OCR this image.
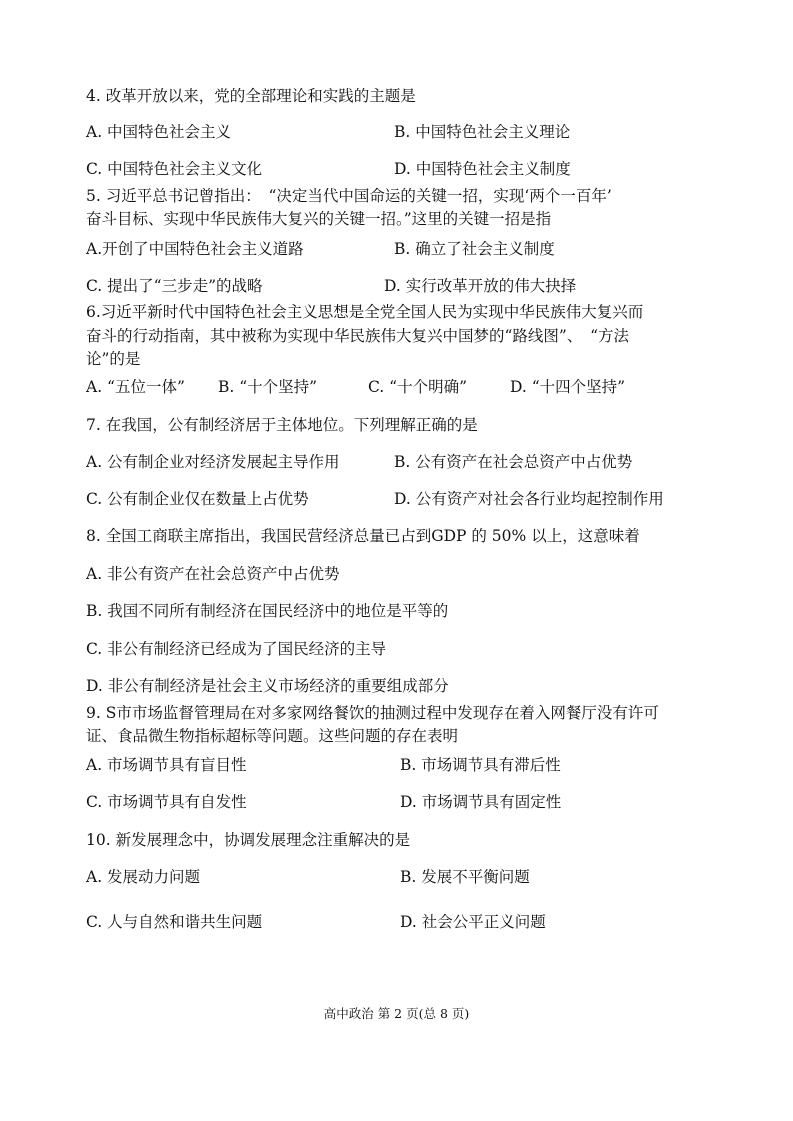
4. 改革开放以来，党的全部理论和实践的主题是
A. 中国特色社会主义	B. 中国特色社会主义理论
C. 中国特色社会主义文化	D. 中国特色社会主义制度
5. 习近平总书记曾指出：　“决定当代中国命运的关键一招，实现‘两个一百年’
奋斗目标、实现中华民族伟大复兴的关键一招。”这里的关键一招是指
A.开创了中国特色社会主义道路	B. 确立了社会主义制度
C. 提出了“三步走”的战略	D. 实行改革开放的伟大抉择
6.习近平新时代中国特色社会主义思想是全党全国人民为实现中华民族伟大复兴而
奋斗的行动指南，其中被称为实现中华民族伟大复兴中国梦的“路线图”、　“方法
论”的是
A. “五位一体” B. “十个坚持”	C. “十个明确”	D. “十四个坚持”
7. 在我国，公有制经济居于主体地位。下列理解正确的是
A. 公有制企业对经济发展起主导作用	B. 公有资产在社会总资产中占优势
C. 公有制企业仅在数量上占优势	D. 公有资产对社会各行业均起控制作用
8. 全国工商联主席指出，我国民营经济总量已占到GDP 的 50% 以上，这意味着
A. 非公有资产在社会总资产中占优势
B. 我国不同所有制经济在国民经济中的地位是平等的
C. 非公有制经济已经成为了国民经济的主导
D. 非公有制经济是社会主义市场经济的重要组成部分
9. S市市场监督管理局在对多家网络餐饮的抽测过程中发现存在着入网餐厅没有许可
证、食品微生物指标超标等问题。这些问题的存在表明
A. 市场调节具有盲目性	B. 市场调节具有滞后性
C. 市场调节具有自发性	D. 市场调节具有固定性
10. 新发展理念中，协调发展理念注重解决的是
A. 发展动力问题	B. 发展不平衡问题
C. 人与自然和谐共生问题	D. 社会公平正义问题
高中政治 第 2 页(总 8 页)
